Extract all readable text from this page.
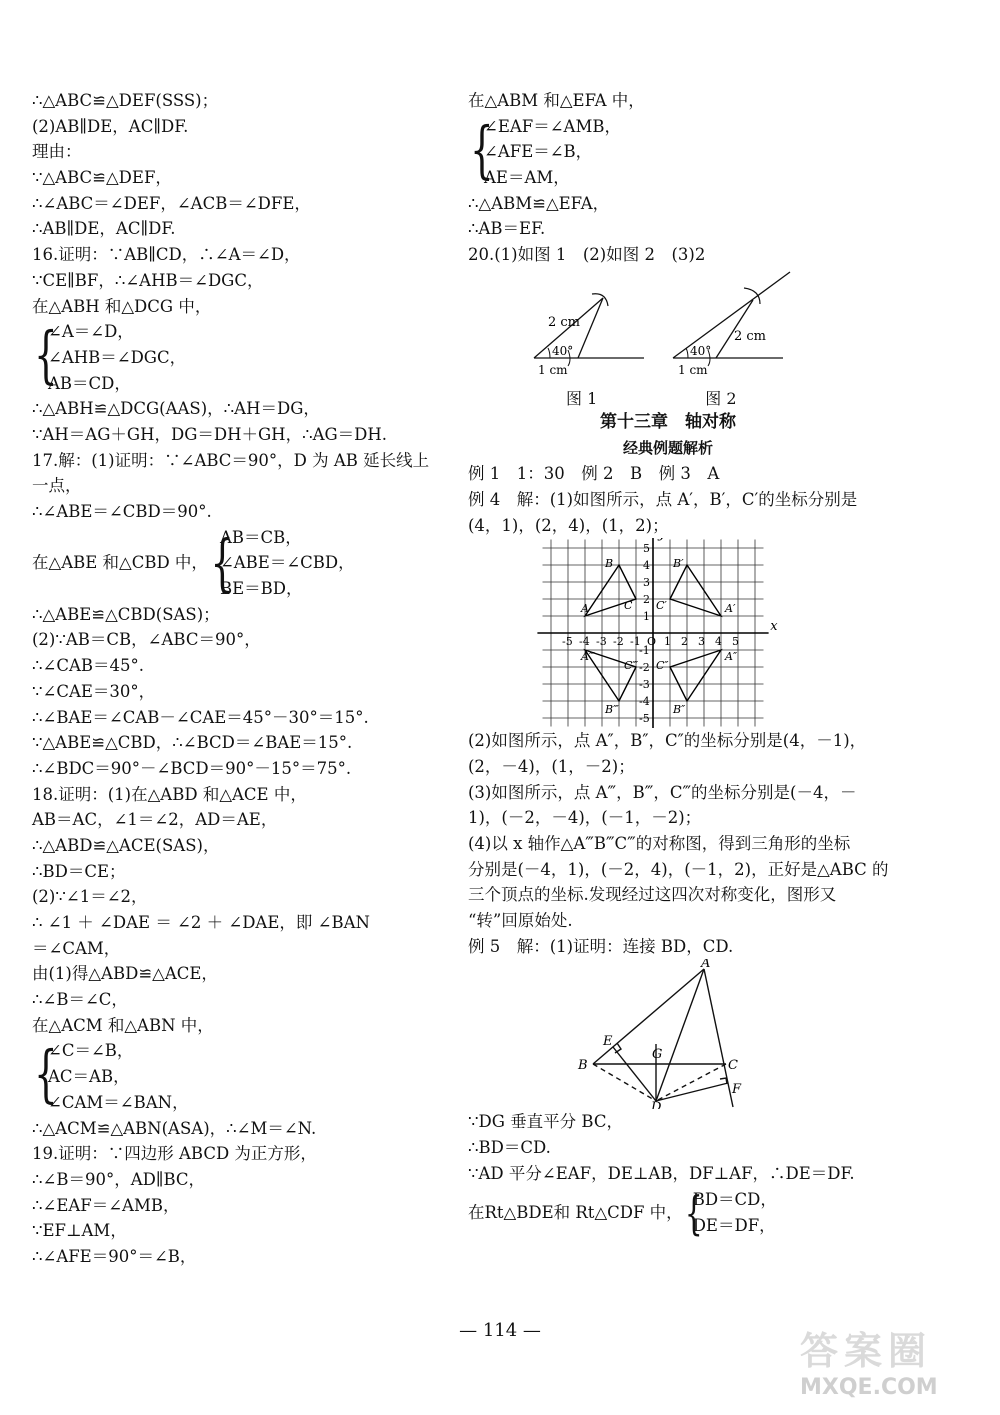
∴△ABC≌△DEF(SSS)；
(2)AB∥DE，AC∥DF.
理由：
∵△ABC≌△DEF，
∴∠ABC＝∠DEF，∠ACB＝∠DFE，
∴AB∥DE，AC∥DF.
16.证明：∵AB∥CD，∴∠A＝∠D，
∵CE∥BF，∴∠AHB＝∠DGC，
在△ABH 和△DCG 中，
{
∠A＝∠D，
∠AHB＝∠DGC，
AB＝CD，
∴△ABH≌△DCG(AAS)，∴AH＝DG，
∵AH＝AG＋GH，DG＝DH＋GH，∴AG＝DH.
17.解：(1)证明：∵∠ABC＝90°，D 为 AB 延长线上
一点，
∴∠ABE＝∠CBD＝90°.
在△ABE 和△CBD 中， {
AB＝CB，
∠ABE＝∠CBD，
BE＝BD，
∴△ABE≌△CBD(SAS)；
(2)∵AB＝CB，∠ABC＝90°，
∴∠CAB＝45°.
∵∠CAE＝30°，
∴∠BAE＝∠CAB－∠CAE＝45°－30°＝15°.
∵△ABE≌△CBD，∴∠BCD＝∠BAE＝15°.
∴∠BDC＝90°－∠BCD＝90°－15°＝75°.
18.证明：(1)在△ABD 和△ACE 中，
AB＝AC，∠1＝∠2，AD＝AE，
∴△ABD≌△ACE(SAS)，
∴BD＝CE；
(2)∵∠1＝∠2，
∴ ∠1 ＋ ∠DAE ＝ ∠2 ＋ ∠DAE，即 ∠BAN
＝∠CAM，
由(1)得△ABD≌△ACE，
∴∠B＝∠C，
在△ACM 和△ABN 中，
{
∠C＝∠B，
AC＝AB，
∠CAM＝∠BAN，
∴△ACM≌△ABN(ASA)，∴∠M＝∠N.
19.证明：∵四边形 ABCD 为正方形，
∴∠B＝90°，AD∥BC，
∴∠EAF＝∠AMB，
∵EF⊥AM，
∴∠AFE＝90°＝∠B，
在△ABM 和△EFA 中，
{
∠EAF＝∠AMB，
∠AFE＝∠B，
AE＝AM，
∴△ABM≌△EFA，
∴AB＝EF.
20.(1)如图 1　(2)如图 2　(3)2
2 cm
40°
1 cm
2 cm
40°
1 cm
图 1	图 2
第十三章　轴对称
经典例题解析
例 1　1：30　例 2　B　例 3　A
例 4　解：(1)如图所示，点 A′，B′，C′的坐标分别是
(4，1)，(2，4)，(1，2)；
x
-5 -4 -3 -2 -1 O 1 2 3 4 5
5
4
3
2
1
-1
-2
-3
-4
-5
A
B
C	A′
B′
C′
A″
B″
C″
A‴
B‴
C‴
(2)如图所示，点 A″，B″，C″的坐标分别是(4，－1)，
(2，－4)，(1，－2)；
(3)如图所示，点 A‴，B‴，C‴的坐标分别是(－4，－
1)，(－2，－4)，(－1，－2)；
(4)以 x 轴作△A‴B‴C‴的对称图，得到三角形的坐标
分别是(－4，1)，(－2，4)，(－1，2)，正好是△ABC 的
三个顶点的坐标.发现经过这四次对称变化，图形又
“转”回原始处.
例 5　解：(1)证明：连接 BD，CD.
A
B	C
D
E
F
G
∵DG 垂直平分 BC，
∴BD＝CD.
∵AD 平分∠EAF，DE⊥AB，DF⊥AF，∴DE＝DF.
在Rt△BDE和 Rt△CDF 中， {
BD＝CD，
DE＝DF，
— 114 —	答案圈
MXQE.COM
